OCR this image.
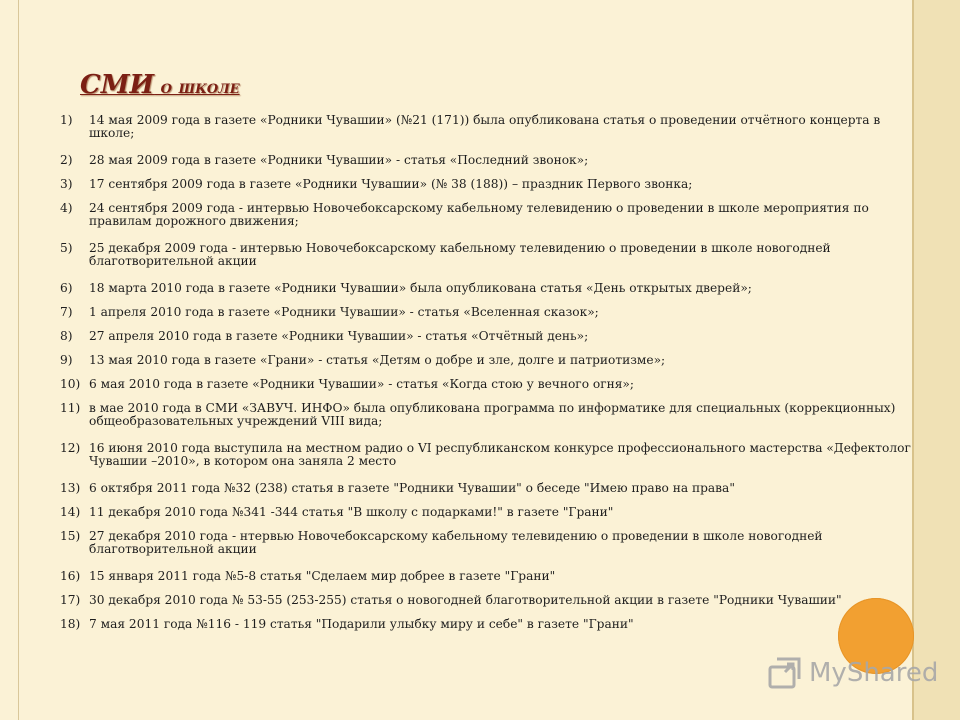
СМИ о школе
1) 14 мая 2009 года в газете «Родники Чувашии» (№21 (171)) была опубликована статья о проведении отчётного концерта в школе;
2) 28 мая 2009 года в газете «Родники Чувашии» - статья «Последний звонок»;
3) 17 сентября 2009 года в газете «Родники Чувашии» (№ 38 (188)) – праздник Первого звонка;
4) 24 сентября 2009 года - интервью Новочебоксарскому кабельному телевидению о проведении в школе мероприятия по правилам дорожного движения;
5) 25 декабря 2009 года - интервью Новочебоксарскому кабельному телевидению о проведении в школе новогодней благотворительной акции
6) 18 марта 2010 года в газете «Родники Чувашии» была опубликована статья «День открытых дверей»;
7) 1 апреля 2010 года в газете «Родники Чувашии» - статья «Вселенная сказок»;
8) 27 апреля 2010 года в газете «Родники Чувашии» - статья «Отчётный день»;
9) 13 мая 2010 года в газете «Грани» - статья «Детям о добре и зле, долге и патриотизме»;
10) 6 мая 2010 года в газете «Родники Чувашии» - статья «Когда стою у вечного огня»;
11) в мае 2010 года в СМИ «ЗАВУЧ. ИНФО» была опубликована программа по информатике для специальных (коррекционных) общеобразовательных учреждений VIII вида;
12) 16 июня 2010 года выступила на местном радио о VI республиканском конкурсе профессионального мастерства «Дефектолог Чувашии –2010», в котором она заняла 2 место
13) 6 октября 2011 года №32 (238) статья в газете "Родники Чувашии" о беседе "Имею право на права"
14) 11 декабря 2010 года №341 -344 статья "В школу с подарками!" в газете "Грани"
15) 27 декабря 2010 года - нтервью Новочебоксарскому кабельному телевидению о проведении в школе новогодней благотворительной акции
16) 15 января 2011 года №5-8 статья "Сделаем мир добрее в газете "Грани"
17) 30 декабря 2010 года № 53-55 (253-255) статья о новогодней благотворительной акции в газете "Родники Чувашии"
18) 7 мая 2011 года №116 - 119 статья "Подарили улыбку миру и себе" в газете "Грани"
MyShared
